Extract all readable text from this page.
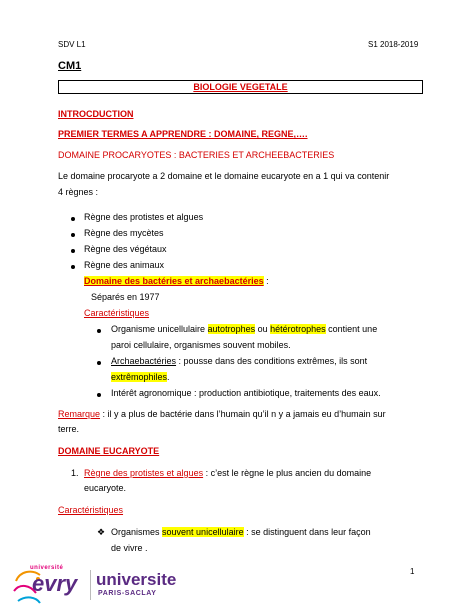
SDV L1	S1 2018-2019
CM1
BIOLOGIE VEGETALE
INTROCDUCTION
PREMIER TERMES A APPRENDRE : DOMAINE, REGNE,….
DOMAINE PROCARYOTES : BACTERIES ET ARCHEEBACTERIES
Le domaine procaryote a 2 domaine et le domaine eucaryote en a 1 qui va contenir
4 règnes :
Règne des protistes et algues
Règne des mycètes
Règne des végétaux
Règne des animaux
Domaine des bactéries et archaebactéries :
Séparés en 1977
Caractéristiques
Organisme unicellulaire autotrophes ou hétérotrophes contient une
paroi cellulaire, organismes souvent mobiles.
Archaebactéries : pousse dans des conditions extrêmes, ils sont
extrêmophiles.
Intérêt agronomique : production antibiotique, traitements des eaux.
Remarque : il y a plus de bactérie dans l’humain qu’il n y a jamais eu d’humain sur
terre.
DOMAINE EUCARYOTE
1. Règne des protistes et algues : c’est le règne le plus ancien du domaine
eucaryote.
Caractéristiques
❖ Organismes souvent unicellulaire : se distinguent dans leur façon
de vivre .
université
evry universite
PARIS-SACLAY
1
